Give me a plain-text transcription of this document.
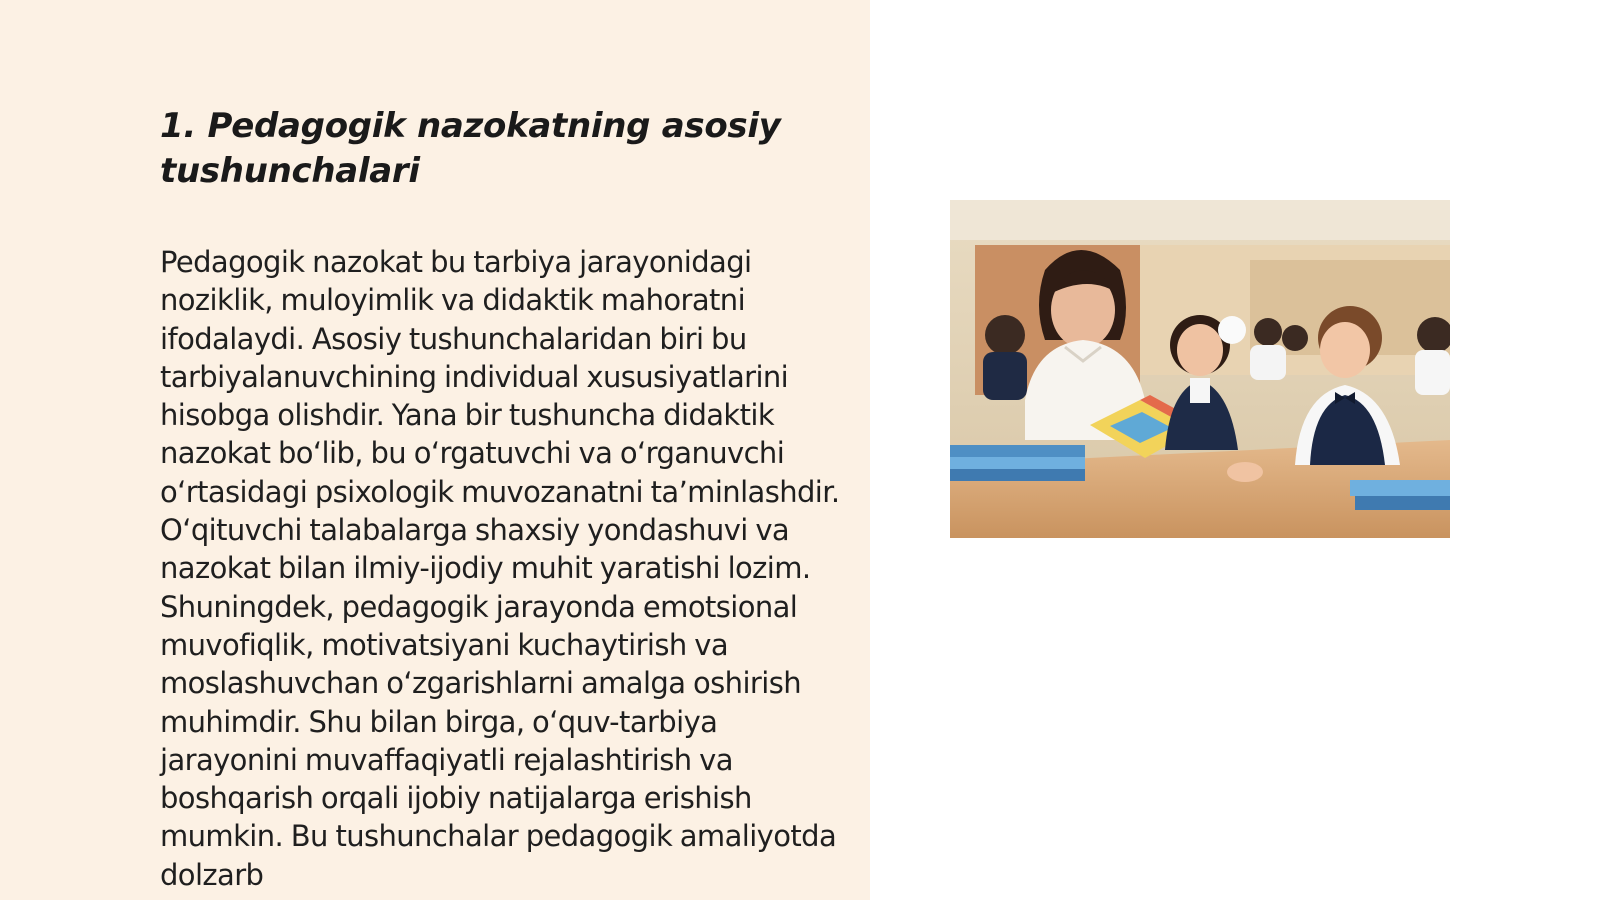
1. Pedagogik nazokatning asosiy tushunchalari

Pedagogik nazokat bu tarbiya jarayonidagi noziklik, muloyimlik va didaktik mahoratni ifodalaydi. Asosiy tushunchalaridan biri bu tarbiyalanuvchining individual xususiyatlarini hisobga olishdir. Yana bir tushuncha didaktik nazokat boʻlib, bu oʻrgatuvchi va oʻrganuvchi oʻrtasidagi psixologik muvozanatni taʼminlashdir. Oʻqituvchi talabalarga shaxsiy yondashuvi va nazokat bilan ilmiy-ijodiy muhit yaratishi lozim. Shuningdek, pedagogik jarayonda emotsional muvofiqlik, motivatsiyani kuchaytirish va moslashuvchan oʻzgarishlarni amalga oshirish muhimdir. Shu bilan birga, oʻquv-tarbiya jarayonini muvaffaqiyatli rejalashtirish va boshqarish orqali ijobiy natijalarga erishish mumkin. Bu tushunchalar pedagogik amaliyotda dolzarb
